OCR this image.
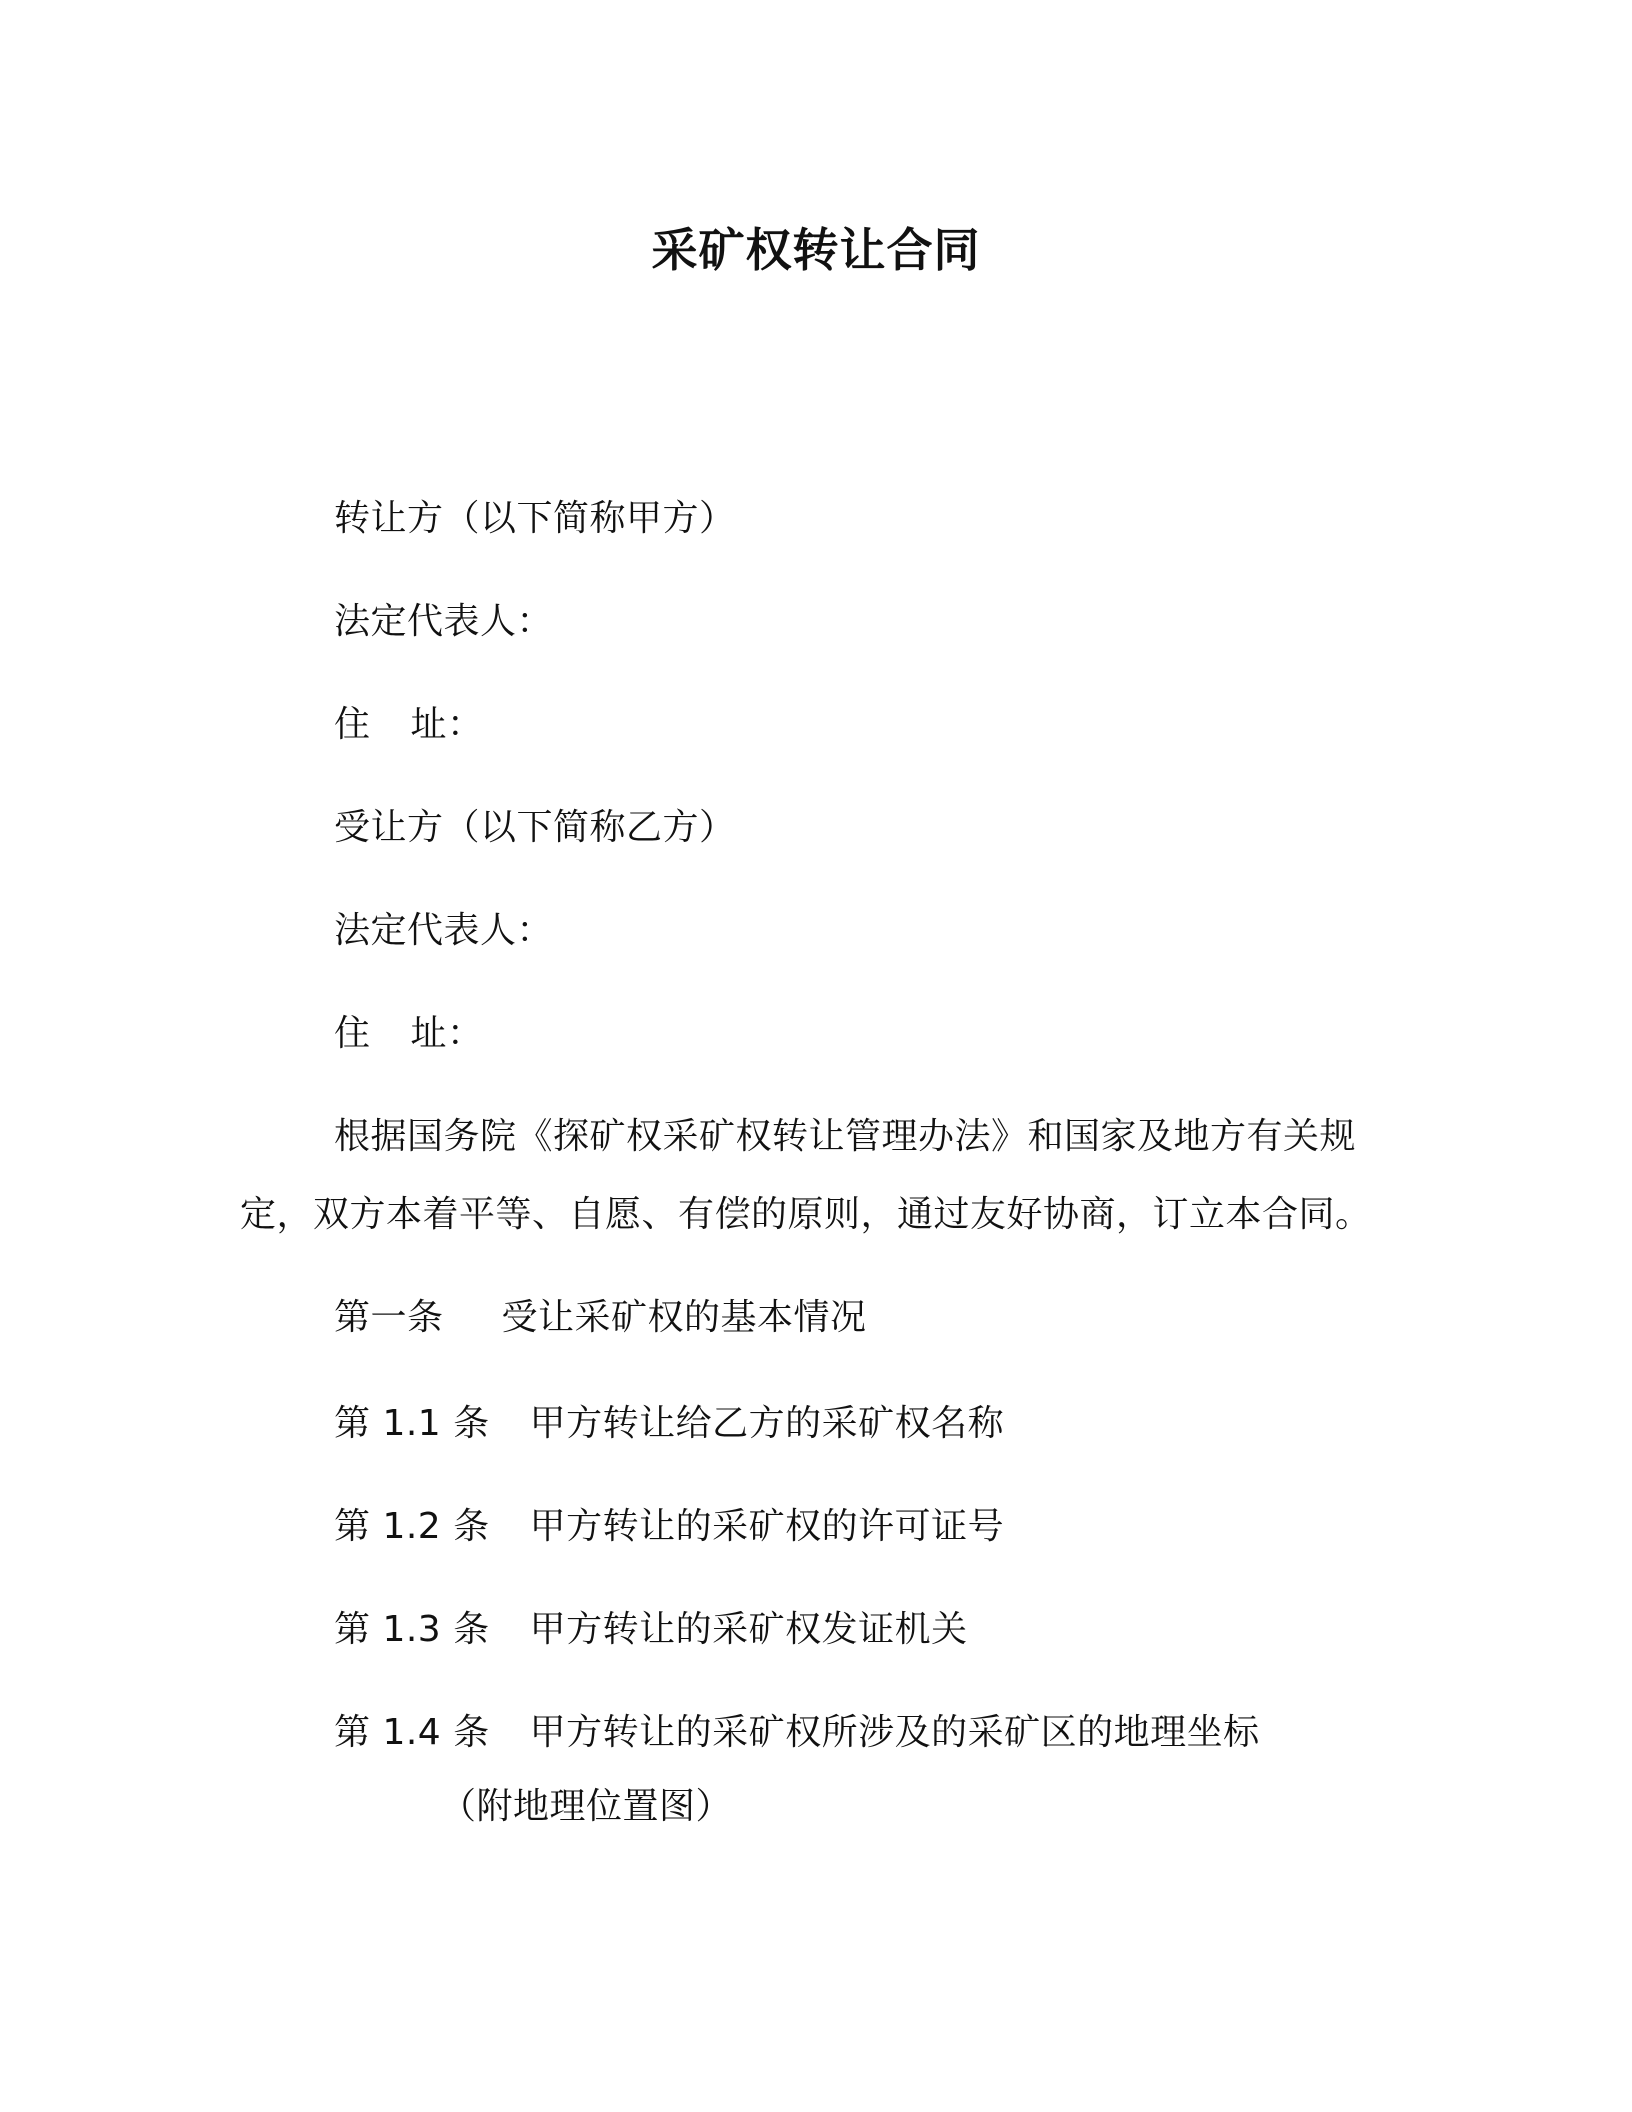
采矿权转让合同
转让方（以下简称甲方）
法定代表人：
住 址：
受让方（以下简称乙方）
法定代表人：
住 址：
根据国务院《探矿权采矿权转让管理办法》和国家及地方有关规
定，双方本着平等、自愿、有偿的原则，通过友好协商，订立本合同。
第一条 受让采矿权的基本情况
第 1.1 条 甲方转让给乙方的采矿权名称
第 1.2 条 甲方转让的采矿权的许可证号
第 1.3 条 甲方转让的采矿权发证机关
第 1.4 条 甲方转让的采矿权所涉及的采矿区的地理坐标
（附地理位置图）
